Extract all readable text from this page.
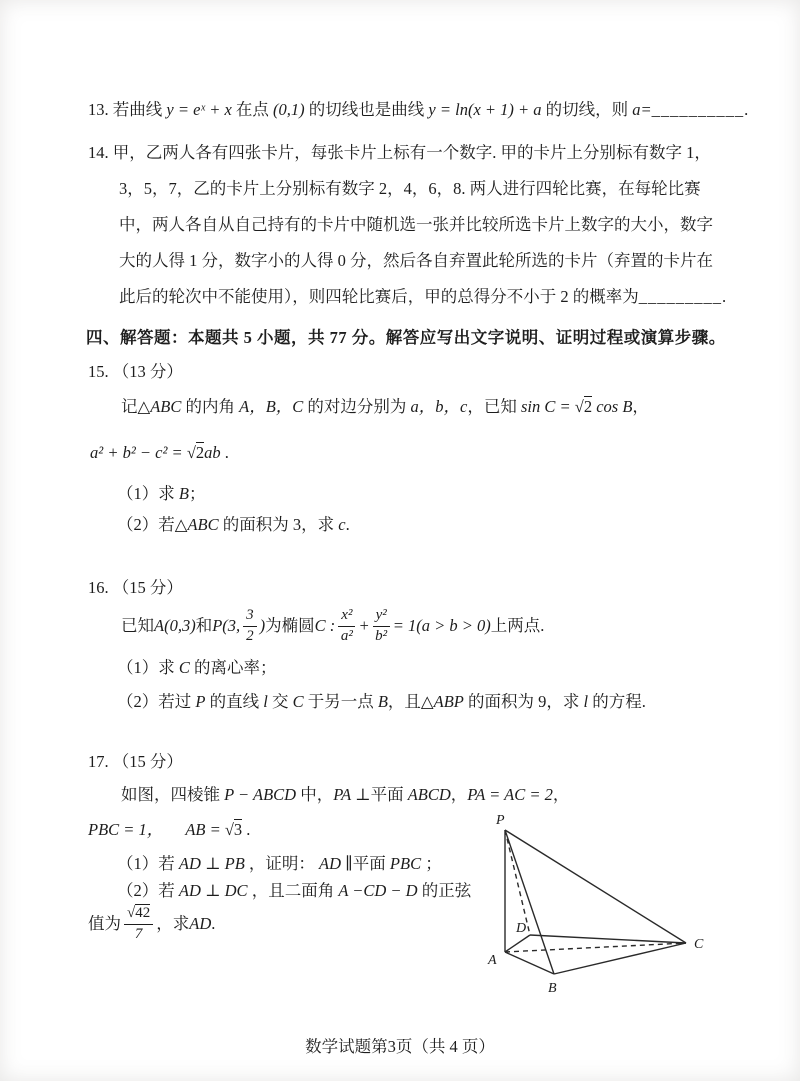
13. 若曲线 y = eˣ + x 在点 (0,1) 的切线也是曲线 y = ln(x + 1) + a 的切线，则 a=__________.
14. 甲，乙两人各有四张卡片，每张卡片上标有一个数字. 甲的卡片上分别标有数字 1，
3，5，7，乙的卡片上分别标有数字 2，4，6，8. 两人进行四轮比赛，在每轮比赛
中，两人各自从自己持有的卡片中随机选一张并比较所选卡片上数字的大小，数字
大的人得 1 分，数字小的人得 0 分，然后各自弃置此轮所选的卡片（弃置的卡片在
此后的轮次中不能使用），则四轮比赛后，甲的总得分不小于 2 的概率为_________.
四、解答题：本题共 5 小题，共 77 分。解答应写出文字说明、证明过程或演算步骤。
15. （13 分）
记△ABC 的内角 A，B，C 的对边分别为 a，b，c，已知 sin C = √2 cos B，
a² + b² − c² = √2ab .
（1）求 B；
（2）若△ABC 的面积为 3，求 c.
16. （15 分）
已知 A(0,3) 和 P(3, $\frac{3}{2}$ ) 为椭圆 C : $\frac{\text{x²}}{\text{a²}} + \frac{\text{y²}}{\text{b²}} = 1(a > b > 0)$ 上两点.
（1）求 C 的离心率；
（2）若过 P 的直线 l 交 C 于另一点 B，且△ABP 的面积为 9，求 l 的方程.
17. （15 分）
如图，四棱锥 P − ABCD 中，PA ⊥平面 ABCD，PA = AC = 2，
PBC = 1， AB = √3 .
（1）若 AD ⊥ PB ，证明： AD ∥平面 PBC ；
（2）若 AD ⊥ DC ，且二面角 A −CD − D 的正弦
值为 $\frac{√42}{7}$ ，求 AD .
P
A
D
B
C
数学试题第3页（共 4 页）
